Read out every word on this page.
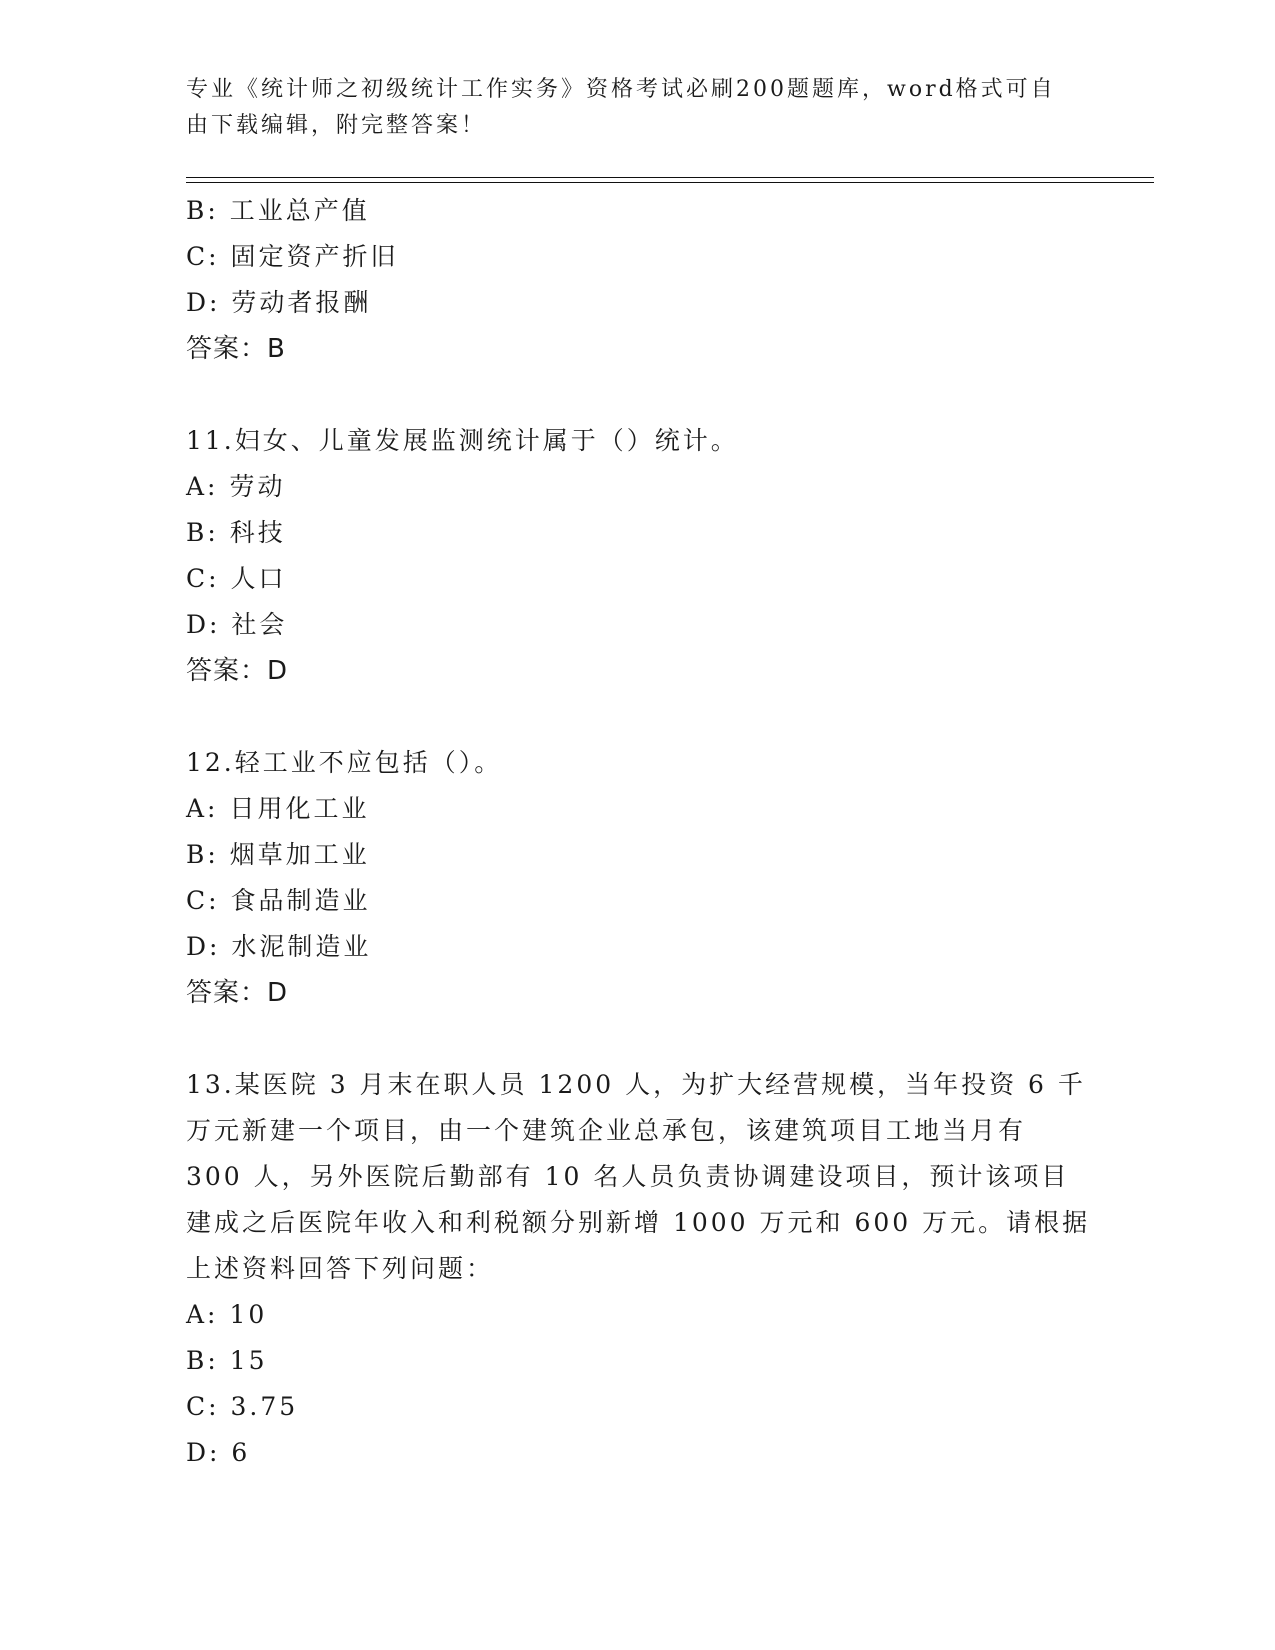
专业《统计师之初级统计工作实务》资格考试必刷200题题库，word格式可自由下载编辑，附完整答案！
B: 工业总产值
C: 固定资产折旧
D: 劳动者报酬
答案：B
11.妇女、儿童发展监测统计属于（）统计。
A: 劳动
B: 科技
C: 人口
D: 社会
答案：D
12.轻工业不应包括（）。
A: 日用化工业
B: 烟草加工业
C: 食品制造业
D: 水泥制造业
答案：D
13.某医院 3 月末在职人员 1200 人，为扩大经营规模，当年投资 6 千
万元新建一个项目，由一个建筑企业总承包，该建筑项目工地当月有
300 人，另外医院后勤部有 10 名人员负责协调建设项目，预计该项目
建成之后医院年收入和利税额分别新增 1000 万元和 600 万元。请根据
上述资料回答下列问题：
A: 10
B: 15
C: 3.75
D: 6
